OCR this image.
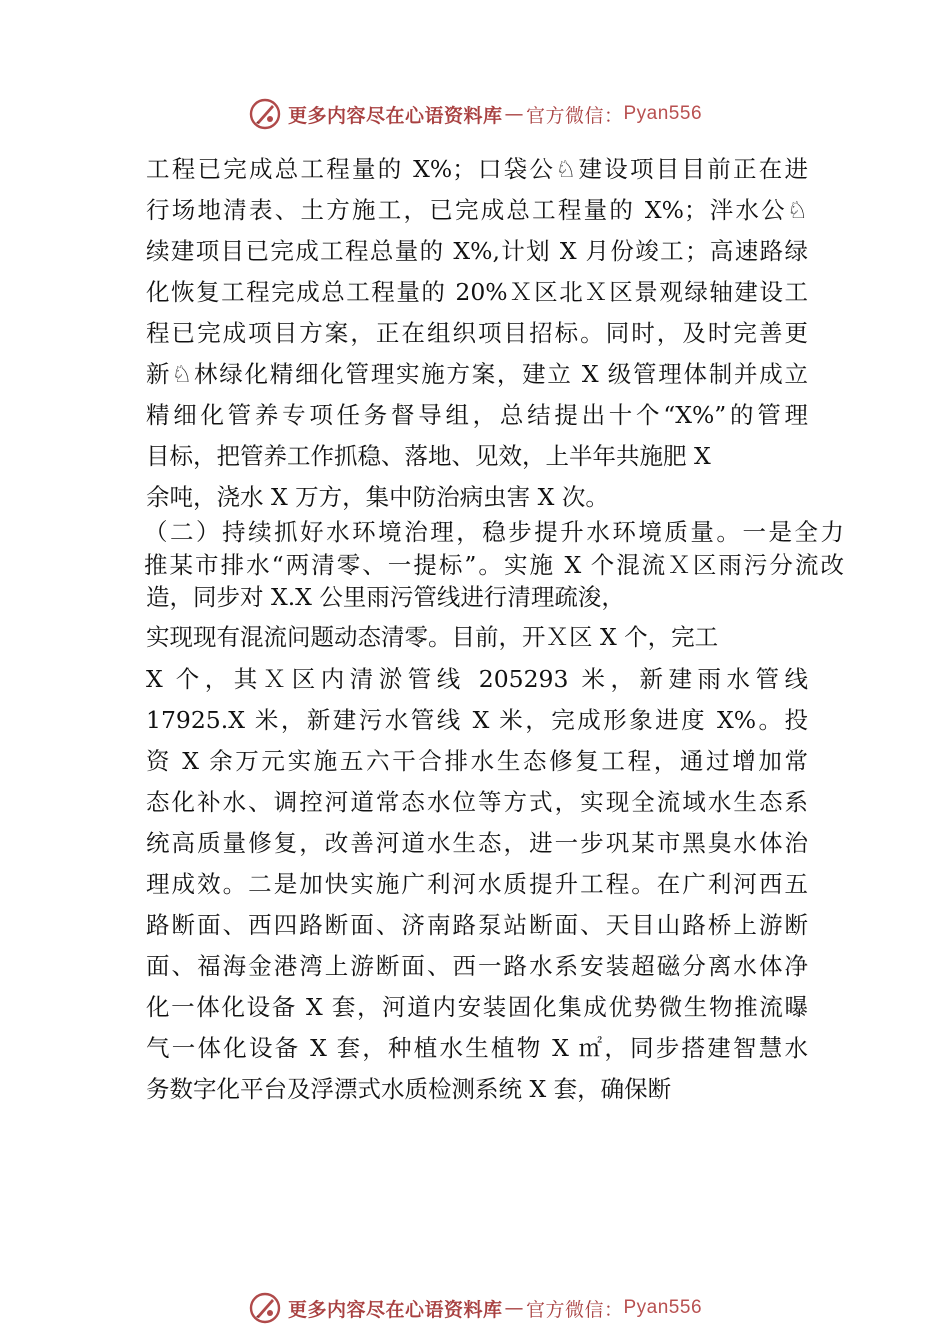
更多内容尽在心语资料库 — 官方微信： Pyan556
工程已完成总工程量的 X%；口袋公♘建设项目目前正在进
行场地清表、土方施工，已完成总工程量的 X%；泮水公♘
续建项目已完成工程总量的 X%,计划 X 月份竣工；高速路绿
化恢复工程完成总工程量的 20%Ｘ区北Ｘ区景观绿轴建设工
程已完成项目方案，正在组织项目招标。同时，及时完善更
新♘林绿化精细化管理实施方案，建立 X 级管理体制并成立
精细化管养专项任务督导组，总结提出十个“X%”的管理
目标，把管养工作抓稳、落地、见效，上半年共施肥 X
余吨，浇水 X 万方，集中防治病虫害 X 次。
（二）持续抓好水环境治理，稳步提升水环境质量。一是全力
推某市排水“两清零、一提标”。实施 X 个混流Ｘ区雨污分流改
造，同步对 X.X 公里雨污管线进行清理疏浚，
实现现有混流问题动态清零。目前，开Ｘ区 X 个，完工
X 个，其Ｘ区内清淤管线 205293 米，新建雨水管线
17925.X 米，新建污水管线 X 米，完成形象进度 X%。投
资 X 余万元实施五六干合排水生态修复工程，通过增加常
态化补水、调控河道常态水位等方式，实现全流域水生态系
统高质量修复，改善河道水生态，进一步巩某市黑臭水体治
理成效。二是加快实施广利河水质提升工程。在广利河西五
路断面、西四路断面、济南路泵站断面、天目山路桥上游断
面、福海金港湾上游断面、西一路水系安装超磁分离水体净
化一体化设备 X 套，河道内安装固化集成优势微生物推流曝
气一体化设备 X 套，种植水生植物 X ㎡，同步搭建智慧水
务数字化平台及浮漂式水质检测系统 X 套，确保断
更多内容尽在心语资料库 — 官方微信： Pyan556
